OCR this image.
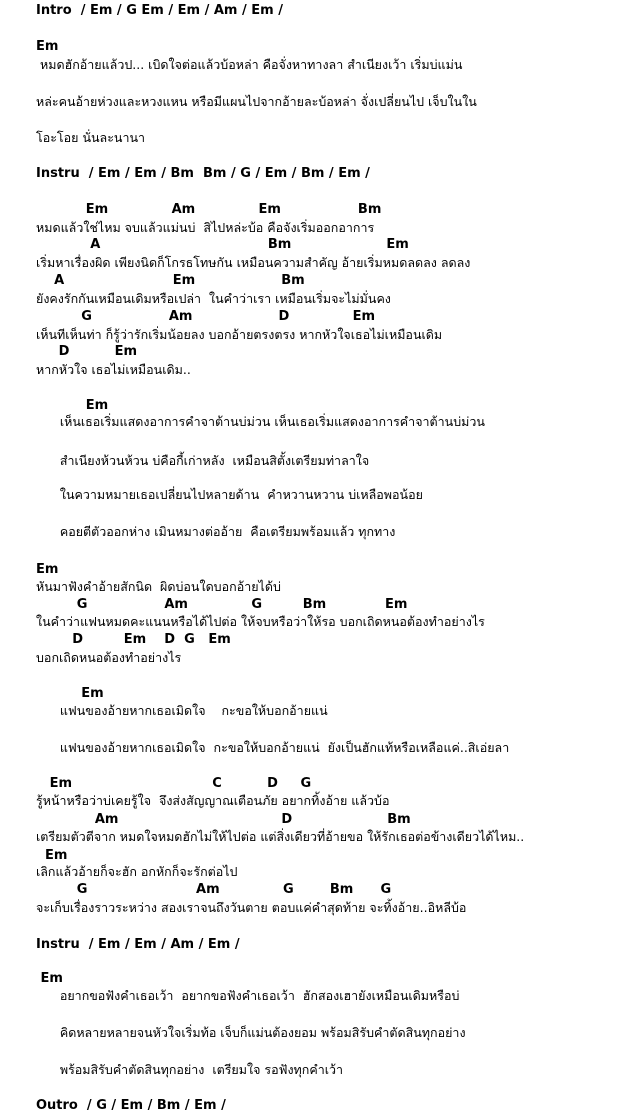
Intro  / Em / G Em / Em / Am / Em /
Em
หมดฮักอ้ายแล้วป... เบิดใจต่อแล้วบ้อหล่า คือจั่งหาทางลา สำเนียงเว้า เริ่มบ่แม่น
หล่ะคนอ้ายห่วงและหวงแหน หรือมีแผนไปจากอ้ายละบ้อหล่า จั่งเปลี่ยนไป เจ็บในใน
โอะโอย นั่นละนานา
Instru  / Em / Em / Bm  Bm / G / Em / Bm / Em /
Em              Am              Em                 Bm
หมดแล้วใช่ไหม จบแล้วแม่นบ่  สิไปหล่ะบ้อ คือจังเริ่มออกอาการ
A                                     Bm                     Em
เริ่มหาเรื่องผิด เพียงนิดก็โกรธโทษกัน เหมือนความสำคัญ อ้ายเริ่มหมดลดลง ลดลง
A                        Em                   Bm
ยังคงรักกันเหมือนเดิมหรือเปล่า  ในคำว่าเรา เหมือนเริ่มจะไม่มั่นคง
G                 Am                   D              Em
เห็นทีเห็นท่า ก็รู้ว่ารักเริ่มน้อยลง บอกอ้ายตรงตรง หากหัวใจเธอไม่เหมือนเดิม
D          Em
หากหัวใจ เธอไม่เหมือนเดิม..
Em
เห็นเธอเริ่มแสดงอาการคำจาต้านบ่ม่วน เห็นเธอเริ่มแสดงอาการคำจาต้านบ่ม่วน
สำเนียงห้วนห้วน บ่คือกี้เก่าหลัง  เหมือนสิตั้งเตรียมท่าลาใจ
ในความหมายเธอเปลี่ยนไปหลายด้าน  คำหวานหวาน บ่เหลือพอน้อย
คอยตีตัวออกห่าง เมินหมางต่ออ้าย  คือเตรียมพร้อมแล้ว ทุกทาง
Em
หันมาฟังคำอ้ายสักนิด  ผิดบ่อนใดบอกอ้ายได้บ่
G                 Am              G         Bm             Em
ในคำว่าแฟนหมดคะแนนหรือได้ไปต่อ ให้จบหรือว่าให้รอ บอกเถิดหนอต้องทำอย่างไร
D         Em    D  G   Em
บอกเถิดหนอต้องทำอย่างไร
Em
แฟนของอ้ายหากเธอเมิดใจ    กะขอให้บอกอ้ายแน่
แฟนของอ้ายหากเธอเมิดใจ  กะขอให้บอกอ้ายแน่  ยังเป็นฮักแท้หรือเหลือแค่..สิเอ่ยลา
Em                               C          D     G
รู้หน้าหรือว่าบ่เคยรู้ใจ  จึงส่งสัญญาณเตือนภัย อยากทิ้งอ้าย แล้วบ้อ
Am                                    D                     Bm
เตรียมตัวตีจาก หมดใจหมดฮักไม่ให้ไปต่อ แต่สิ่งเดียวที่อ้ายขอ ให้รักเธอต่อข้างเดียวได้ไหม..
Em
เลิกแล้วอ้ายก็จะฮัก อกหักก็จะรักต่อไป
G                        Am              G        Bm      G
จะเก็บเรื่องราวระหว่าง สองเราจนถึงวันตาย ตอบแค่คำสุดท้าย จะทิ้งอ้าย..อิหลีบ้อ
Instru  / Em / Em / Am / Em /
Em
อยากขอฟังคำเธอเว้า  อยากขอฟังคำเธอเว้า  ฮักสองเฮายังเหมือนเดิมหรือบ่
คิดหลายหลายจนหัวใจเริ่มท้อ เจ็บก็แม่นต้องยอม พร้อมสิรับคำตัดสินทุกอย่าง
พร้อมสิรับคำตัดสินทุกอย่าง  เตรียมใจ รอฟังทุกคำเว้า
Outro  / G / Em / Bm / Em /
